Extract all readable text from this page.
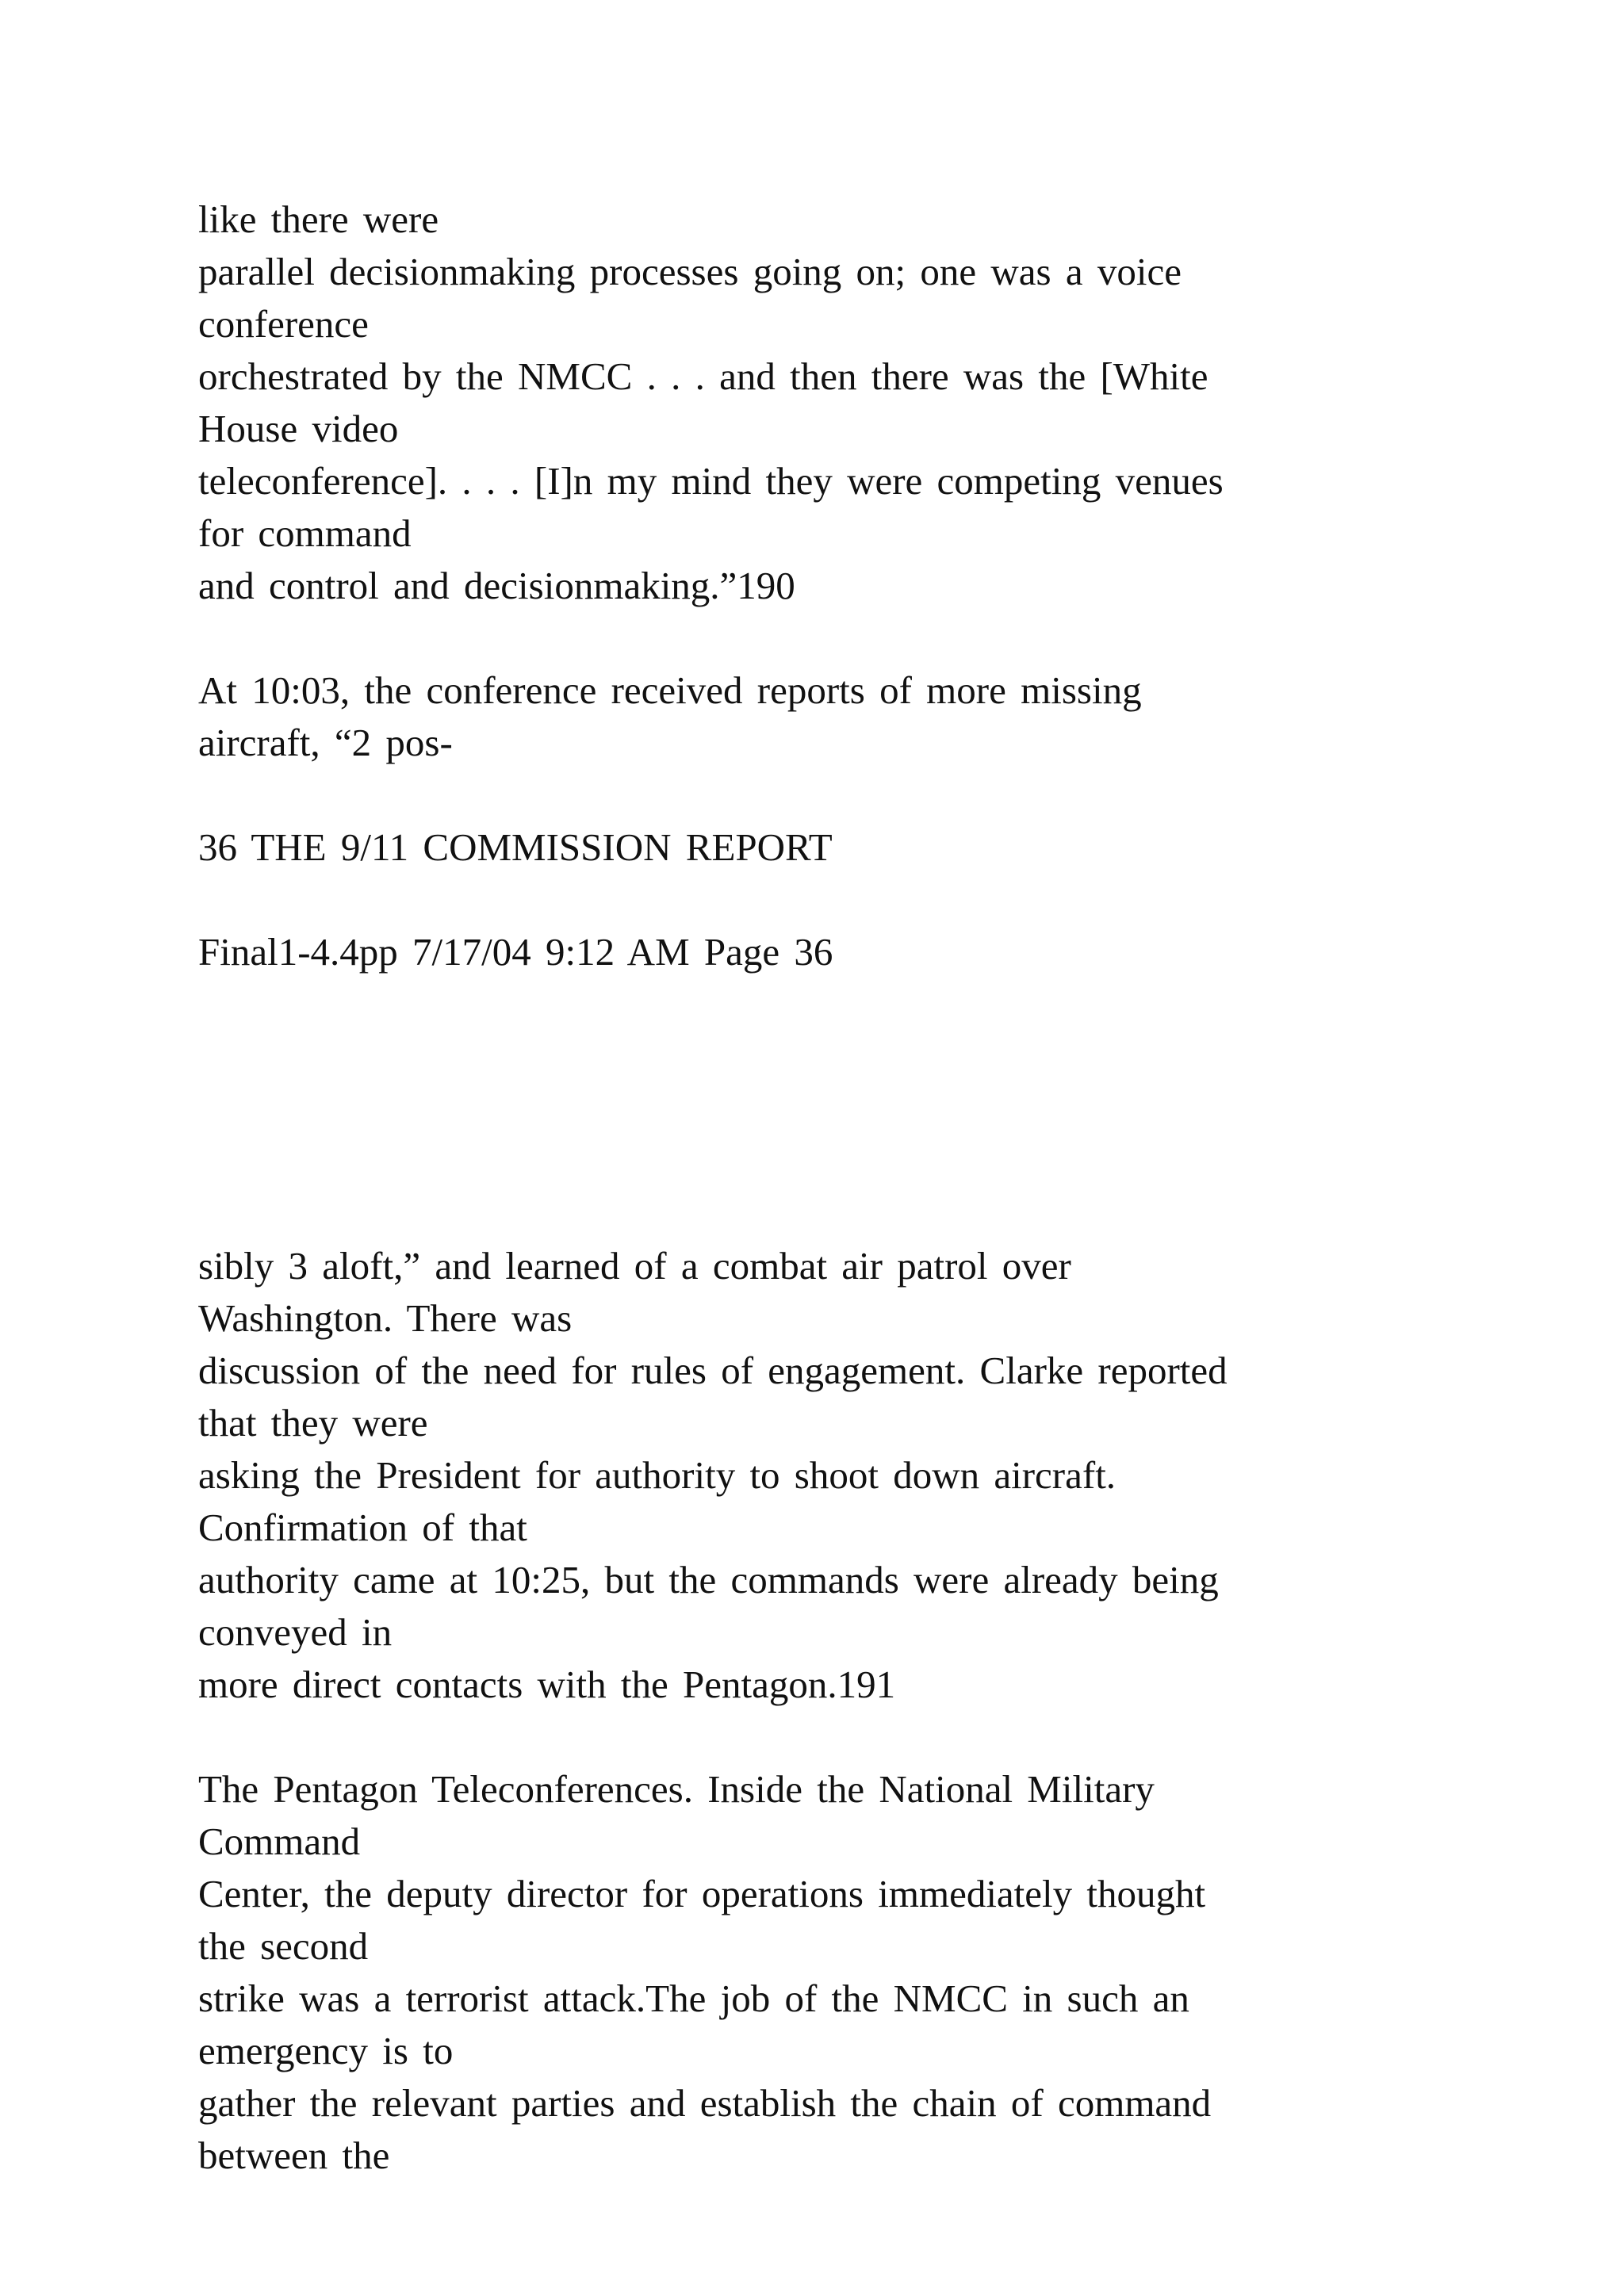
like there were
parallel decisionmaking processes going on; one was a voice
conference
orchestrated by the NMCC . . . and then there was the [White
House video
teleconference]. . . . [I]n my mind they were competing venues
for command
and control and decisionmaking.”190
At 10:03, the conference received reports of more missing
aircraft, “2 pos-
36 THE 9/11 COMMISSION REPORT
Final1-4.4pp 7/17/04 9:12 AM Page 36
sibly 3 aloft,” and learned of a combat air patrol over
Washington. There was
discussion of the need for rules of engagement. Clarke reported
that they were
asking the President for authority to shoot down aircraft.
Confirmation of that
authority came at 10:25, but the commands were already being
conveyed in
more direct contacts with the Pentagon.191
The Pentagon Teleconferences. Inside the National Military
Command
Center, the deputy director for operations immediately thought
the second
strike was a terrorist attack.The job of the NMCC in such an
emergency is to
gather the relevant parties and establish the chain of command
between the
